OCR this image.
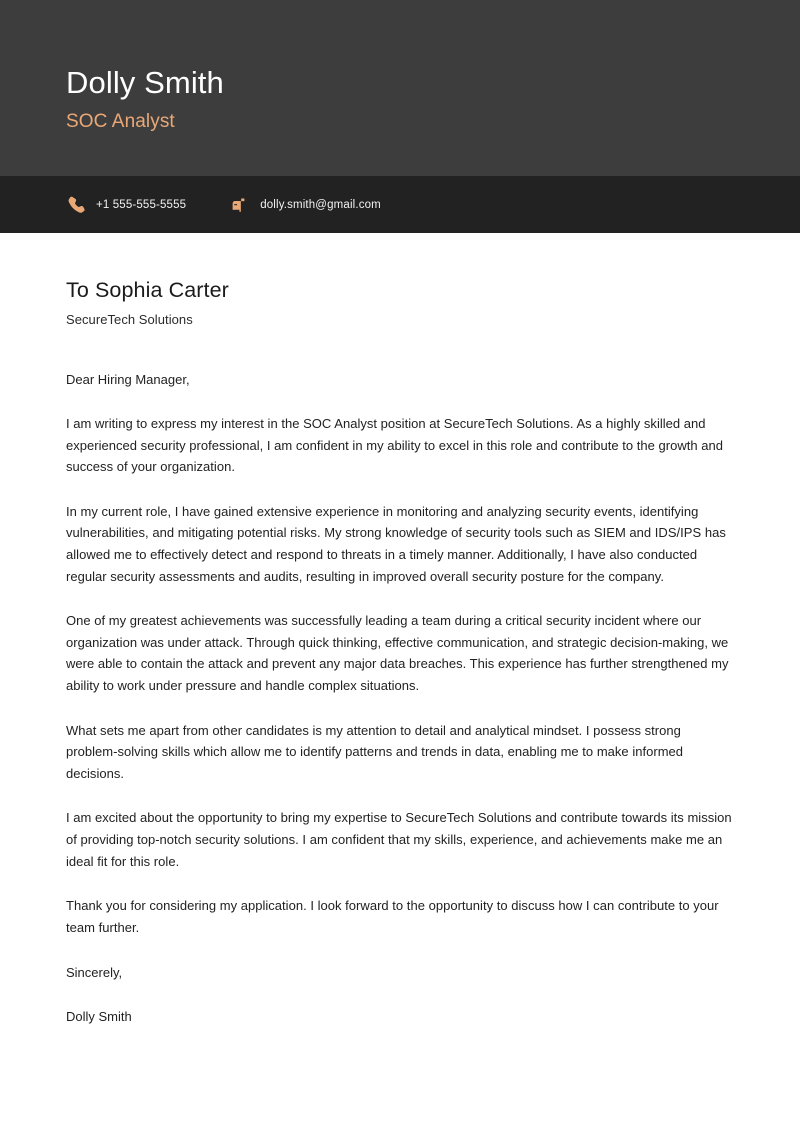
Dolly Smith
SOC Analyst
+1 555-555-5555	dolly.smith@gmail.com
To Sophia Carter
SecureTech Solutions
Dear Hiring Manager,
I am writing to express my interest in the SOC Analyst position at SecureTech Solutions. As a highly skilled and experienced security professional, I am confident in my ability to excel in this role and contribute to the growth and success of your organization.
In my current role, I have gained extensive experience in monitoring and analyzing security events, identifying vulnerabilities, and mitigating potential risks. My strong knowledge of security tools such as SIEM and IDS/IPS has allowed me to effectively detect and respond to threats in a timely manner. Additionally, I have also conducted regular security assessments and audits, resulting in improved overall security posture for the company.
One of my greatest achievements was successfully leading a team during a critical security incident where our organization was under attack. Through quick thinking, effective communication, and strategic decision-making, we were able to contain the attack and prevent any major data breaches. This experience has further strengthened my ability to work under pressure and handle complex situations.
What sets me apart from other candidates is my attention to detail and analytical mindset. I possess strong problem-solving skills which allow me to identify patterns and trends in data, enabling me to make informed decisions.
I am excited about the opportunity to bring my expertise to SecureTech Solutions and contribute towards its mission of providing top-notch security solutions. I am confident that my skills, experience, and achievements make me an ideal fit for this role.
Thank you for considering my application. I look forward to the opportunity to discuss how I can contribute to your team further.
Sincerely,
Dolly Smith
